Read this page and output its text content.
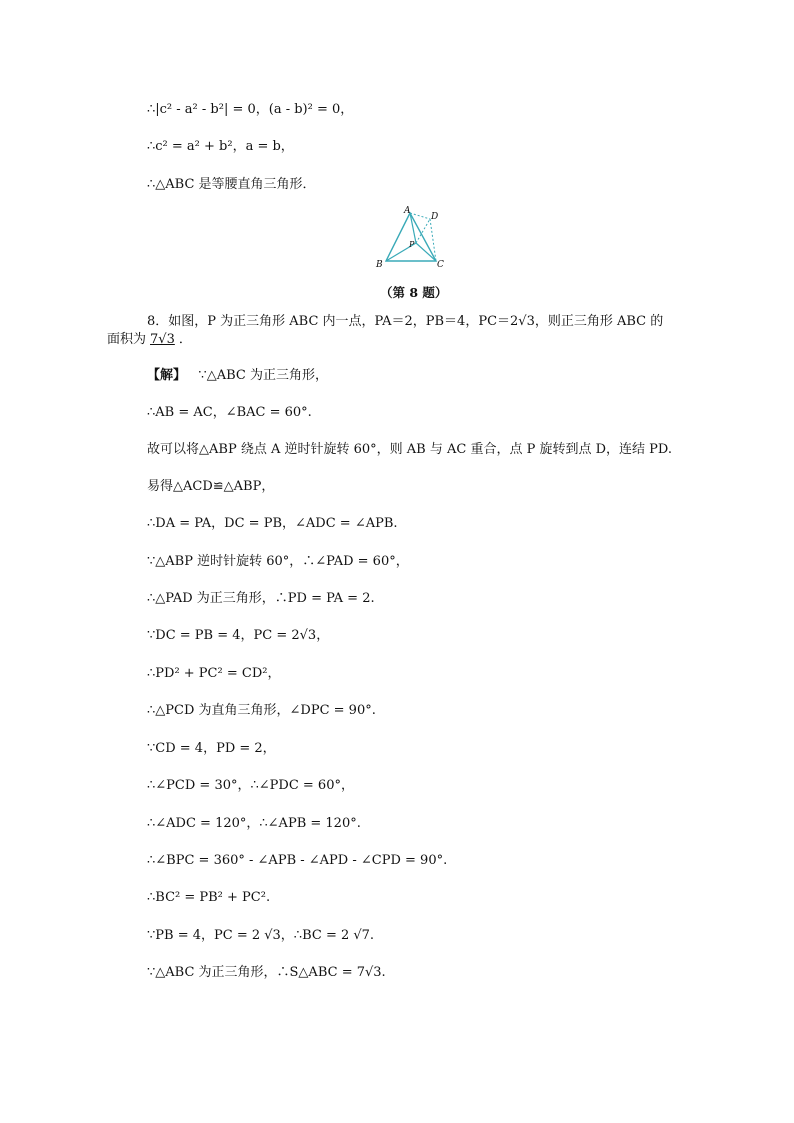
∴|c² - a² - b²| = 0，(a - b)² = 0，
∴c² = a² + b²，a = b，
∴△ABC 是等腰直角三角形．
A
B	C
D
P
（第 8 题）
8．如图，P 为正三角形 ABC 内一点，PA＝2，PB＝4，PC＝2√3，则正三角形 ABC 的
面积为 7√3 ．
【解】 ∵△ABC 为正三角形，
∴AB = AC，∠BAC = 60°.
故可以将△ABP 绕点 A 逆时针旋转 60°，则 AB 与 AC 重合，点 P 旋转到点 D，连结 PD.
易得△ACD≌△ABP，
∴DA = PA，DC = PB，∠ADC = ∠APB.
∵△ABP 逆时针旋转 60°，∴∠PAD = 60°，
∴△PAD 为正三角形，∴PD = PA = 2.
∵DC = PB = 4，PC = 2√3，
∴PD² + PC² = CD²，
∴△PCD 为直角三角形，∠DPC = 90°.
∵CD = 4，PD = 2，
∴∠PCD = 30°，∴∠PDC = 60°，
∴∠ADC = 120°，∴∠APB = 120°.
∴∠BPC = 360° - ∠APB - ∠APD - ∠CPD = 90°.
∴BC² = PB² + PC².
∵PB = 4，PC = 2 √3，∴BC = 2 √7.
∵△ABC 为正三角形，∴S△ABC = 7√3.
